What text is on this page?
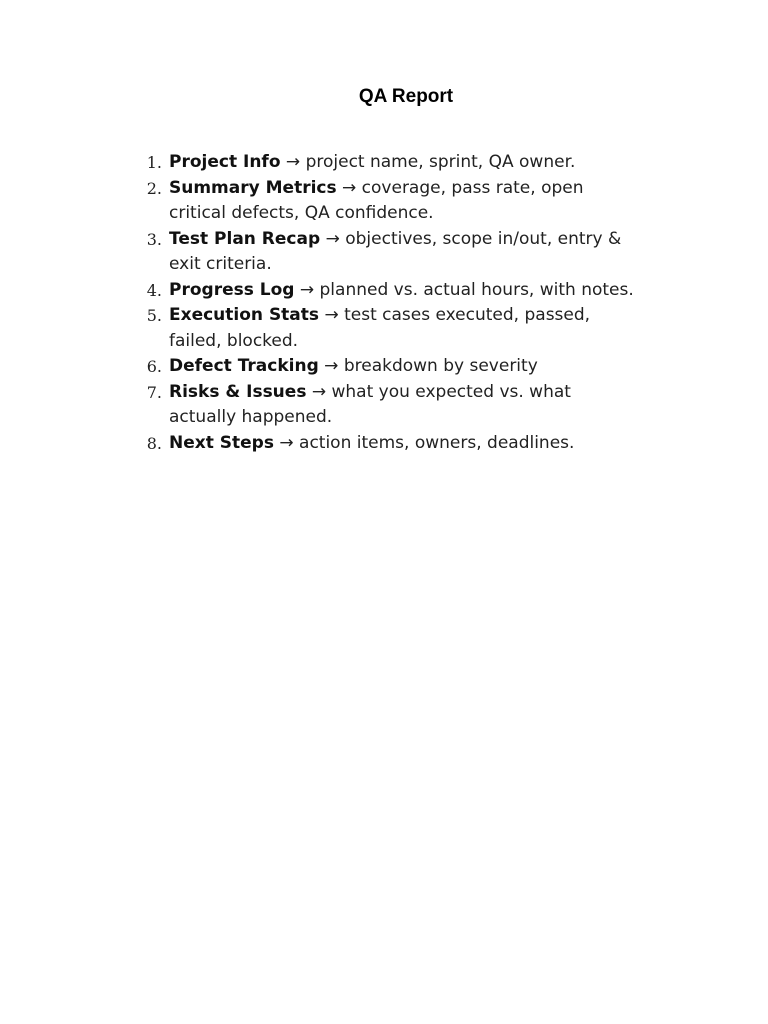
QA Report
1. Project Info → project name, sprint, QA owner.
2. Summary Metrics → coverage, pass rate, open critical defects, QA confidence.
3. Test Plan Recap → objectives, scope in/out, entry & exit criteria.
4. Progress Log → planned vs. actual hours, with notes.
5. Execution Stats → test cases executed, passed, failed, blocked.
6. Defect Tracking → breakdown by severity
7. Risks & Issues → what you expected vs. what actually happened.
8. Next Steps → action items, owners, deadlines.
